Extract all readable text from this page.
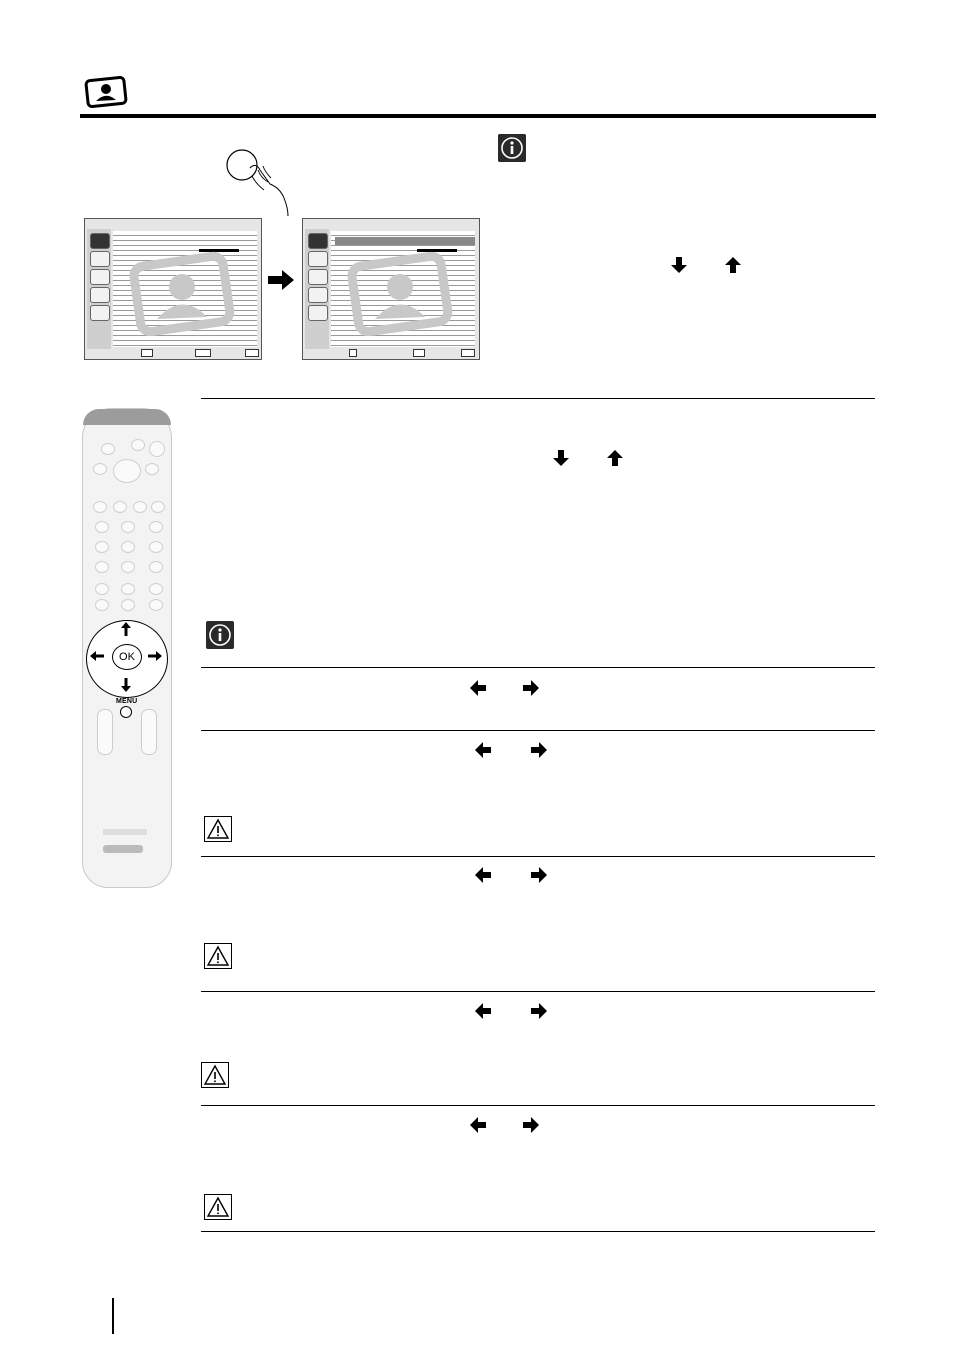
OK
MENU
